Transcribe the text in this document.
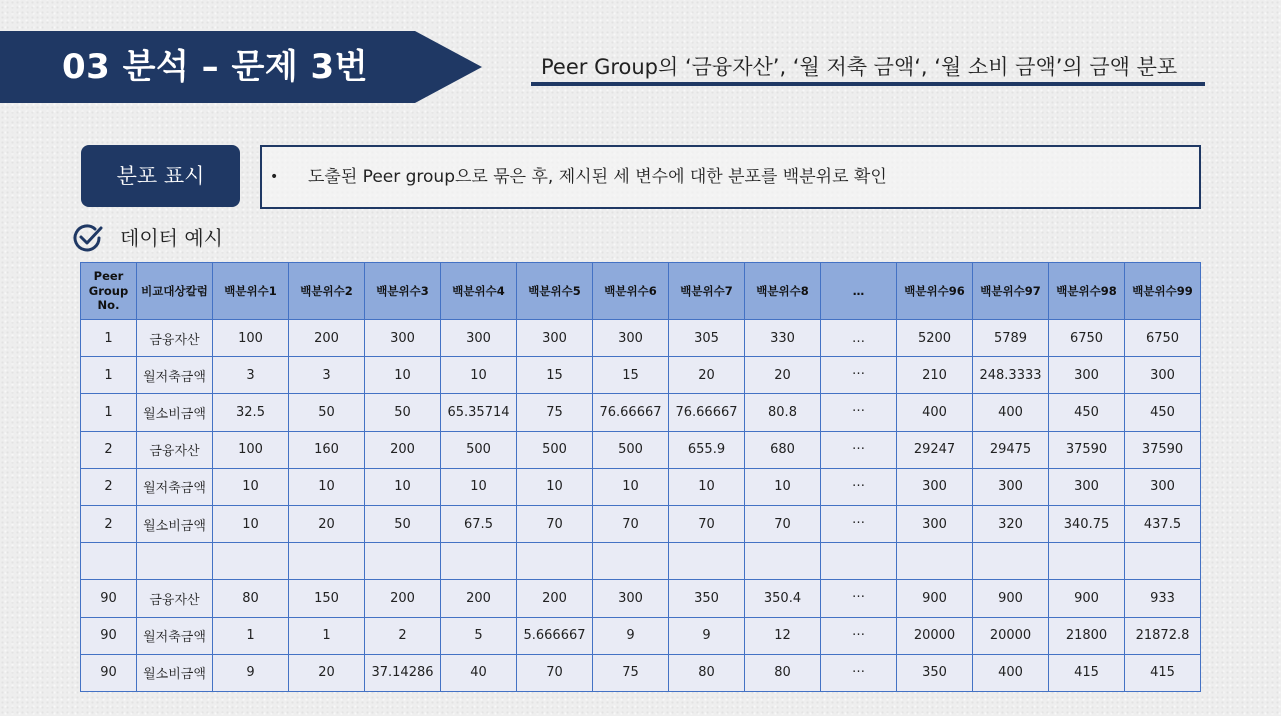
03 분석 – 문제 3번	Peer Group의 ‘금융자산’, ‘월 저축 금액‘, ‘월 소비 금액’의 금액 분포
분포 표시	•	도출된 Peer group으로 묶은 후, 제시된 세 변수에 대한 분포를 백분위로 확인
데이터 예시
Peer Group No.	비교대상칼럼	백분위수1	백분위수2	백분위수3	백분위수4	백분위수5	백분위수6	백분위수7	백분위수8	…	백분위수96	백분위수97	백분위수98	백분위수99
1	금융자산	100	200	300	300	300	300	305	330	…	5200	5789	6750	6750
1	월저축금액	3	3	10	10	15	15	20	20	…	210	248.3333	300	300
1	월소비금액	32.5	50	50	65.35714	75	76.66667	76.66667	80.8	…	400	400	450	450
2	금융자산	100	160	200	500	500	500	655.9	680	…	29247	29475	37590	37590
2	월저축금액	10	10	10	10	10	10	10	10	…	300	300	300	300
2	월소비금액	10	20	50	67.5	70	70	70	70	…	300	320	340.75	437.5

90	금융자산	80	150	200	200	200	300	350	350.4	…	900	900	900	933
90	월저축금액	1	1	2	5	5.666667	9	9	12	…	20000	20000	21800	21872.8
90	월소비금액	9	20	37.14286	40	70	75	80	80	…	350	400	415	415
